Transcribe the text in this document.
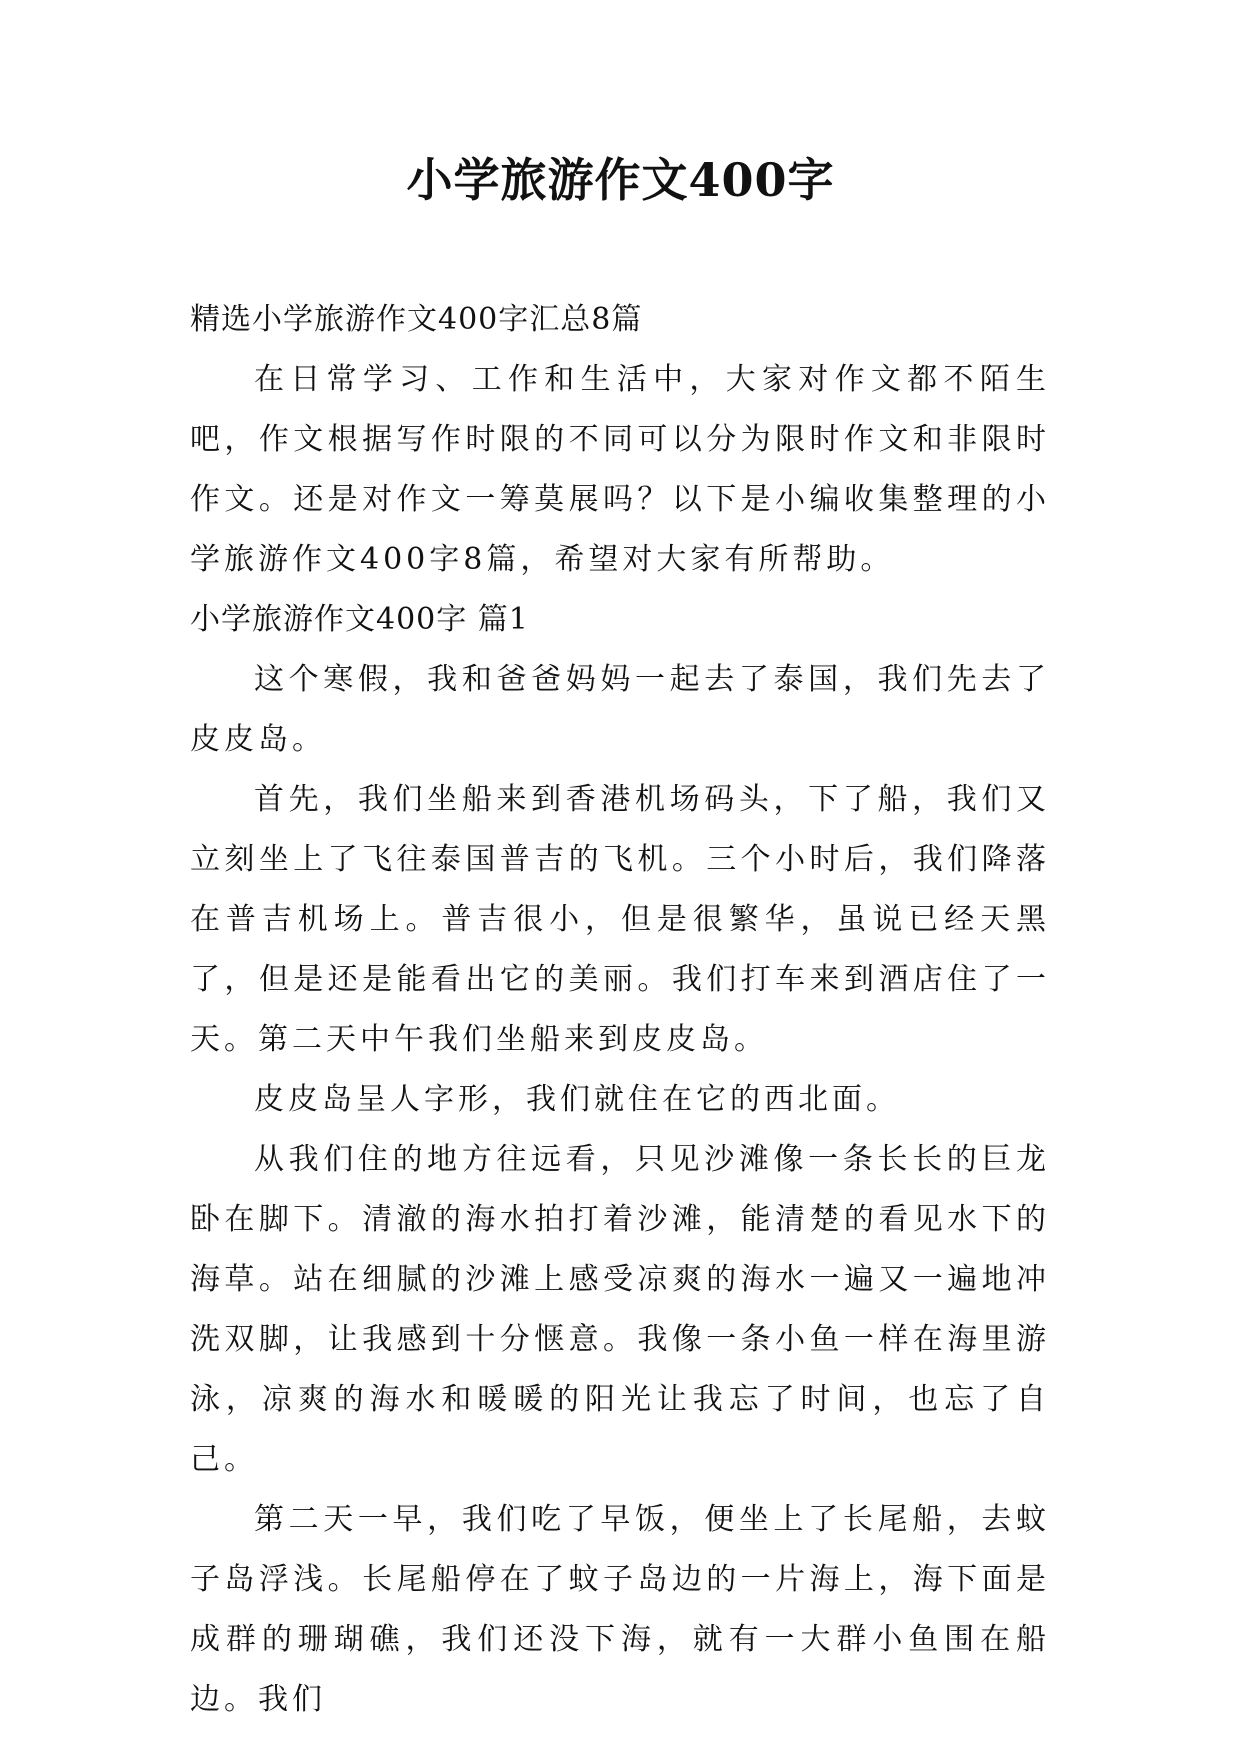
小学旅游作文400字

精选小学旅游作文400字汇总8篇

在日常学习、工作和生活中，大家对作文都不陌生吧，作文根据写作时限的不同可以分为限时作文和非限时作文。还是对作文一筹莫展吗？以下是小编收集整理的小学旅游作文400字8篇，希望对大家有所帮助。

小学旅游作文400字 篇1

这个寒假，我和爸爸妈妈一起去了泰国，我们先去了皮皮岛。

首先，我们坐船来到香港机场码头，下了船，我们又立刻坐上了飞往泰国普吉的飞机。三个小时后，我们降落在普吉机场上。普吉很小，但是很繁华，虽说已经天黑了，但是还是能看出它的美丽。我们打车来到酒店住了一天。第二天中午我们坐船来到皮皮岛。

皮皮岛呈人字形，我们就住在它的西北面。

从我们住的地方往远看，只见沙滩像一条长长的巨龙卧在脚下。清澈的海水拍打着沙滩，能清楚的看见水下的海草。站在细腻的沙滩上感受凉爽的海水一遍又一遍地冲洗双脚，让我感到十分惬意。我像一条小鱼一样在海里游泳，凉爽的海水和暖暖的阳光让我忘了时间，也忘了自己。

第二天一早，我们吃了早饭，便坐上了长尾船，去蚊子岛浮浅。长尾船停在了蚊子岛边的一片海上，海下面是成群的珊瑚礁，我们还没下海，就有一大群小鱼围在船边。我们
